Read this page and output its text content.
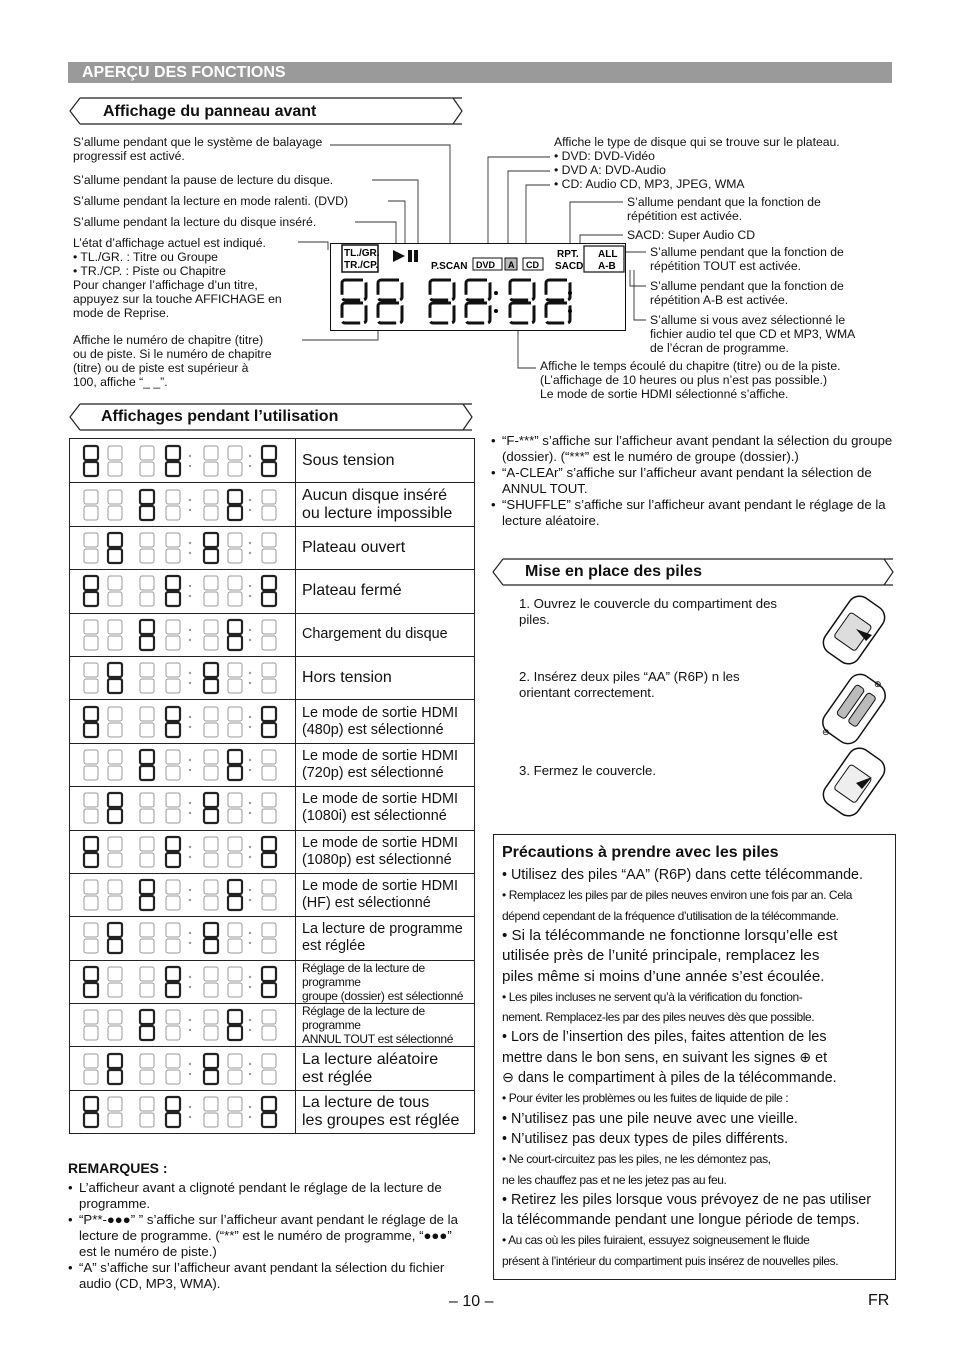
APERÇU DES FONCTIONS
Affichage du panneau avant
S’allume pendant que le système de balayage
progressif est activé.
S’allume pendant la pause de lecture du disque.
S’allume pendant la lecture en mode ralenti. (DVD)
S’allume pendant la lecture du disque inséré.
L’état d’affichage actuel est indiqué.
• TL./GR. : Titre ou Groupe
• TR./CP. : Piste ou Chapitre
Pour changer l’affichage d’un titre,
appuyez sur la touche AFFICHAGE en
mode de Reprise.
Affiche le numéro de chapitre (titre)
ou de piste. Si le numéro de chapitre
(titre) ou de piste est supérieur à
100, affiche “_ _”.
Affiche le type de disque qui se trouve sur le plateau.
• DVD: DVD-Vidéo
• DVD A: DVD-Audio
• CD: Audio CD, MP3, JPEG, WMA
S’allume pendant que la fonction de
répétition est activée.
SACD: Super Audio CD
S’allume pendant que la fonction de
répétition TOUT est activée.
S’allume pendant que la fonction de
répétition A-B est activée.
S’allume si vous avez sélectionné le
fichier audio tel que CD et MP3, WMA
de l’écran de programme.
Affiche le temps écoulé du chapitre (titre) ou de la piste.
(L’affichage de 10 heures ou plus n’est pas possible.)
Le mode de sortie HDMI sélectionné s’affiche.
TL./GR.
TR./CP.	P.SCAN DVD A CD
RPT.
SACD
ALL
A-B
Affichages pendant l’utilisation
Sous tension
Aucun disque inséré
ou lecture impossible
Plateau ouvert
Plateau fermé
Chargement du disque
Hors tension
Le mode de sortie HDMI
(480p) est sélectionné
Le mode de sortie HDMI
(720p) est sélectionné
Le mode de sortie HDMI
(1080i) est sélectionné
Le mode de sortie HDMI
(1080p) est sélectionné
Le mode de sortie HDMI
(HF) est sélectionné
La lecture de programme
est réglée
Réglage de la lecture de programme
groupe (dossier) est sélectionné
Réglage de la lecture de programme
ANNUL TOUT est sélectionné
La lecture aléatoire
est réglée
La lecture de tous
les groupes est réglée
REMARQUES :
• L’afficheur avant a clignoté pendant le réglage de la lecture de programme.
• “P**-●●●” ” s’affiche sur l’afficheur avant pendant le réglage de la lecture de programme. (“**” est le numéro de programme, “●●●” est le numéro de piste.)
• “A” s’affiche sur l’afficheur avant pendant la sélection du fichier audio (CD, MP3, WMA).
• “F-***” s’affiche sur l’afficheur avant pendant la sélection du groupe (dossier). (“***” est le numéro de groupe (dossier).)
• “A-CLEAr” s’affiche sur l’afficheur avant pendant la sélection de ANNUL TOUT.
• “SHUFFLE” s’affiche sur l’afficheur avant pendant le réglage de la lecture aléatoire.
Mise en place des piles
1. Ouvrez le couvercle du compartiment des
piles.
2. Insérez deux piles “AA” (R6P) n les
orientant correctement.
3. Fermez le couvercle.
⊕
⊖
Précautions à prendre avec les piles
• Utilisez des piles “AA” (R6P) dans cette télécommande.
• Remplacez les piles par de piles neuves environ une fois par an. Cela
dépend cependant de la fréquence d’utilisation de la télécommande.
• Si la télécommande ne fonctionne lorsqu’elle est
utilisée près de l’unité principale, remplacez les
piles même si moins d’une année s’est écoulée.
• Les piles incluses ne servent qu’à la vérification du fonction-
nement. Remplacez-les par des piles neuves dès que possible.
• Lors de l’insertion des piles, faites attention de les
mettre dans le bon sens, en suivant les signes ⊕ et
⊖ dans le compartiment à piles de la télécommande.
• Pour éviter les problèmes ou les fuites de liquide de pile :
• N’utilisez pas une pile neuve avec une vieille.
• N’utilisez pas deux types de piles différents.
• Ne court-circuitez pas les piles, ne les démontez pas,
ne les chauffez pas et ne les jetez pas au feu.
• Retirez les piles lorsque vous prévoyez de ne pas utiliser
la télécommande pendant une longue période de temps.
• Au cas où les piles fuiraient, essuyez soigneusement le fluide
présent à l’intérieur du compartiment puis insérez de nouvelles piles.
– 10 –	FR
